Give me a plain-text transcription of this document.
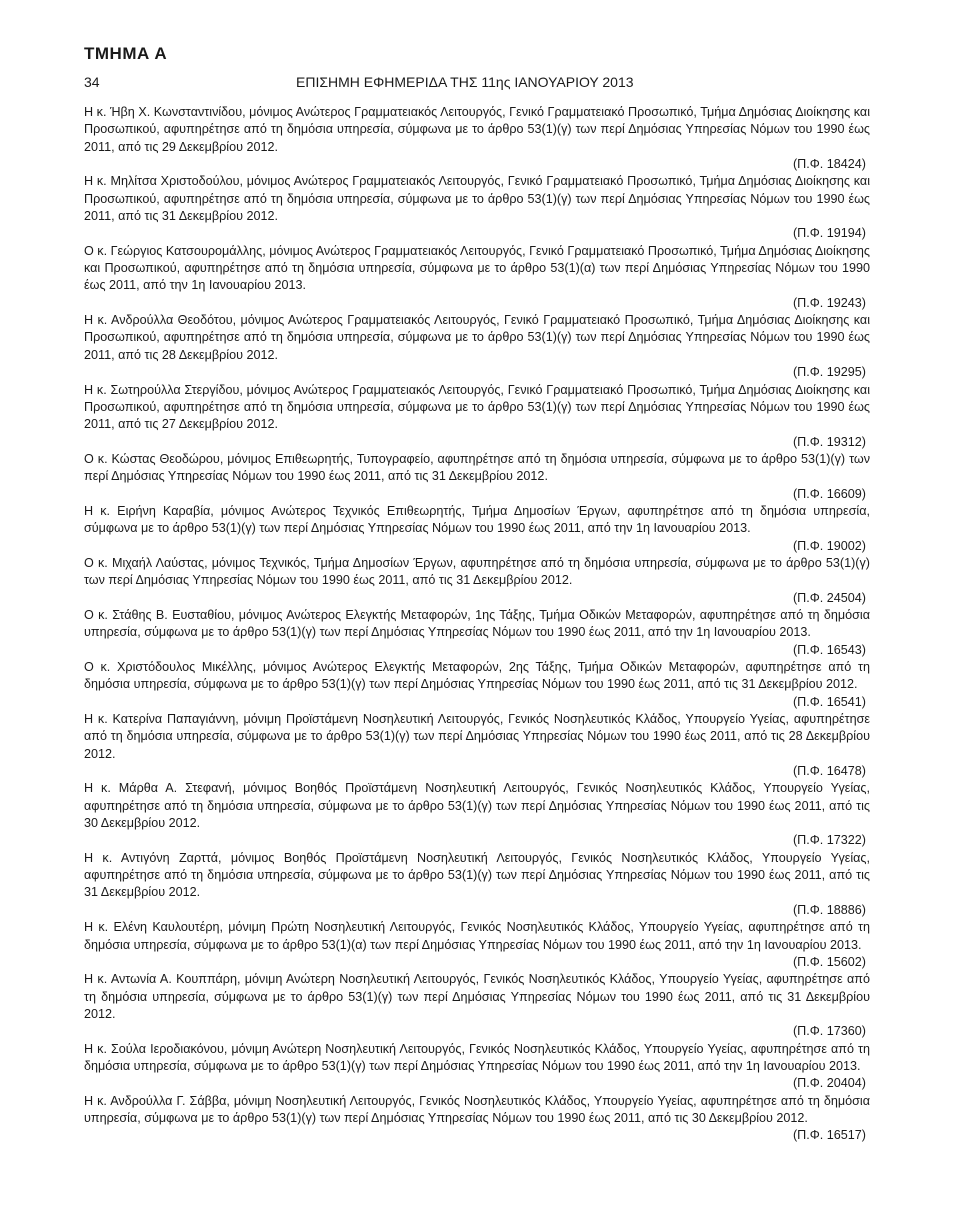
ΤΜΗΜΑ Α
34	ΕΠΙΣΗΜΗ ΕΦΗΜΕΡΙΔΑ ΤΗΣ 11ης ΙΑΝΟΥΑΡΙΟΥ 2013
Η κ. Ήβη Χ. Κωνσταντινίδου, μόνιμος Ανώτερος Γραμματειακός Λειτουργός, Γενικό Γραμματειακό Προσωπικό, Τμήμα Δημόσιας Διοίκησης και Προσωπικού, αφυπηρέτησε από τη δημόσια υπηρεσία, σύμφωνα με το άρθρο 53(1)(γ) των περί Δημόσιας Υπηρεσίας Νόμων του 1990 έως 2011, από τις 29 Δεκεμβρίου 2012.
(Π.Φ. 18424)
Η κ. Μηλίτσα Χριστοδούλου, μόνιμος Ανώτερος Γραμματειακός Λειτουργός, Γενικό Γραμματειακό Προσωπικό, Τμήμα Δημόσιας Διοίκησης και Προσωπικού, αφυπηρέτησε από τη δημόσια υπηρεσία, σύμφωνα με το άρθρο 53(1)(γ) των περί Δημόσιας Υπηρεσίας Νόμων του 1990 έως 2011, από τις 31 Δεκεμβρίου 2012.
(Π.Φ. 19194)
Ο κ. Γεώργιος Κατσουρομάλλης, μόνιμος Ανώτερος Γραμματειακός Λειτουργός, Γενικό Γραμματειακό Προσωπικό, Τμήμα Δημόσιας Διοίκησης και Προσωπικού, αφυπηρέτησε από τη δημόσια υπηρεσία, σύμφωνα με το άρθρο 53(1)(α) των περί Δημόσιας Υπηρεσίας Νόμων του 1990 έως 2011, από την 1η Ιανουαρίου 2013.
(Π.Φ. 19243)
Η κ. Ανδρούλλα Θεοδότου, μόνιμος Ανώτερος Γραμματειακός Λειτουργός, Γενικό Γραμματειακό Προσωπικό, Τμήμα Δημόσιας Διοίκησης και Προσωπικού, αφυπηρέτησε από τη δημόσια υπηρεσία, σύμφωνα με το άρθρο 53(1)(γ) των περί Δημόσιας Υπηρεσίας Νόμων του 1990 έως 2011, από τις 28 Δεκεμβρίου 2012.
(Π.Φ. 19295)
Η κ. Σωτηρούλλα Στεργίδου, μόνιμος Ανώτερος Γραμματειακός Λειτουργός, Γενικό Γραμματειακό Προσωπικό, Τμήμα Δημόσιας Διοίκησης και Προσωπικού, αφυπηρέτησε από τη δημόσια υπηρεσία, σύμφωνα με το άρθρο 53(1)(γ) των περί Δημόσιας Υπηρεσίας Νόμων του 1990 έως 2011, από τις 27 Δεκεμβρίου 2012.
(Π.Φ. 19312)
Ο κ. Κώστας Θεοδώρου, μόνιμος Επιθεωρητής, Τυπογραφείο, αφυπηρέτησε από τη δημόσια υπηρεσία, σύμφωνα με το άρθρο 53(1)(γ) των περί Δημόσιας Υπηρεσίας Νόμων του 1990 έως 2011, από τις 31 Δεκεμβρίου 2012.
(Π.Φ. 16609)
Η κ. Ειρήνη Καραβία, μόνιμος Ανώτερος Τεχνικός Επιθεωρητής, Τμήμα Δημοσίων Έργων, αφυπηρέτησε από τη δημόσια υπηρεσία, σύμφωνα με το άρθρο 53(1)(γ) των περί Δημόσιας Υπηρεσίας Νόμων του 1990 έως 2011, από την 1η Ιανουαρίου 2013.
(Π.Φ. 19002)
Ο κ. Μιχαήλ Λαύστας, μόνιμος Τεχνικός, Τμήμα Δημοσίων Έργων, αφυπηρέτησε από τη δημόσια υπηρεσία, σύμφωνα με το άρθρο 53(1)(γ) των περί Δημόσιας Υπηρεσίας Νόμων του 1990 έως 2011, από τις 31 Δεκεμβρίου 2012.
(Π.Φ. 24504)
Ο κ. Στάθης Β. Ευσταθίου, μόνιμος Ανώτερος Ελεγκτής Μεταφορών, 1ης Τάξης, Τμήμα Οδικών Μεταφορών, αφυπηρέτησε από τη δημόσια υπηρεσία, σύμφωνα με το άρθρο 53(1)(γ) των περί Δημόσιας Υπηρεσίας Νόμων του 1990 έως 2011, από την 1η Ιανουαρίου 2013.
(Π.Φ. 16543)
Ο κ. Χριστόδουλος Μικέλλης, μόνιμος Ανώτερος Ελεγκτής Μεταφορών, 2ης Τάξης, Τμήμα Οδικών Μεταφορών, αφυπηρέτησε από τη δημόσια υπηρεσία, σύμφωνα με το άρθρο 53(1)(γ) των περί Δημόσιας Υπηρεσίας Νόμων του 1990 έως 2011, από τις 31 Δεκεμβρίου 2012.
(Π.Φ. 16541)
Η κ. Κατερίνα Παπαγιάννη, μόνιμη Προϊστάμενη Νοσηλευτική Λειτουργός, Γενικός Νοσηλευτικός Κλάδος, Υπουργείο Υγείας, αφυπηρέτησε από τη δημόσια υπηρεσία, σύμφωνα με το άρθρο 53(1)(γ) των περί Δημόσιας Υπηρεσίας Νόμων του 1990 έως 2011, από τις 28 Δεκεμβρίου 2012.
(Π.Φ. 16478)
Η κ. Μάρθα Α. Στεφανή, μόνιμος Βοηθός Προϊστάμενη Νοσηλευτική Λειτουργός, Γενικός Νοσηλευτικός Κλάδος, Υπουργείο Υγείας, αφυπηρέτησε από τη δημόσια υπηρεσία, σύμφωνα με το άρθρο 53(1)(γ) των περί Δημόσιας Υπηρεσίας Νόμων του 1990 έως 2011, από τις 30 Δεκεμβρίου 2012.
(Π.Φ. 17322)
Η κ. Αντιγόνη Ζαρττά, μόνιμος Βοηθός Προϊστάμενη Νοσηλευτική Λειτουργός, Γενικός Νοσηλευτικός Κλάδος, Υπουργείο Υγείας, αφυπηρέτησε από τη δημόσια υπηρεσία, σύμφωνα με το άρθρο 53(1)(γ) των περί Δημόσιας Υπηρεσίας Νόμων του 1990 έως 2011, από τις 31 Δεκεμβρίου 2012.
(Π.Φ. 18886)
Η κ. Ελένη Καυλουτέρη, μόνιμη Πρώτη Νοσηλευτική Λειτουργός, Γενικός Νοσηλευτικός Κλάδος, Υπουργείο Υγείας, αφυπηρέτησε από τη δημόσια υπηρεσία, σύμφωνα με το άρθρο 53(1)(α) των περί Δημόσιας Υπηρεσίας Νόμων του 1990 έως 2011, από την 1η Ιανουαρίου 2013.
(Π.Φ. 15602)
Η κ. Αντωνία Α. Κουππάρη, μόνιμη Ανώτερη Νοσηλευτική Λειτουργός, Γενικός Νοσηλευτικός Κλάδος, Υπουργείο Υγείας, αφυπηρέτησε από τη δημόσια υπηρεσία, σύμφωνα με το άρθρο 53(1)(γ) των περί Δημόσιας Υπηρεσίας Νόμων του 1990 έως 2011, από τις 31 Δεκεμβρίου 2012.
(Π.Φ. 17360)
Η κ. Σούλα Ιεροδιακόνου, μόνιμη Ανώτερη Νοσηλευτική Λειτουργός, Γενικός Νοσηλευτικός Κλάδος, Υπουργείο Υγείας, αφυπηρέτησε από τη δημόσια υπηρεσία, σύμφωνα με το άρθρο 53(1)(γ) των περί Δημόσιας Υπηρεσίας Νόμων του 1990 έως 2011, από την 1η Ιανουαρίου 2013.
(Π.Φ. 20404)
Η κ. Ανδρούλλα Γ. Σάββα, μόνιμη Νοσηλευτική Λειτουργός, Γενικός Νοσηλευτικός Κλάδος, Υπουργείο Υγείας, αφυπηρέτησε από τη δημόσια υπηρεσία, σύμφωνα με το άρθρο 53(1)(γ) των περί Δημόσιας Υπηρεσίας Νόμων του 1990 έως 2011, από τις 30 Δεκεμβρίου 2012.
(Π.Φ. 16517)
